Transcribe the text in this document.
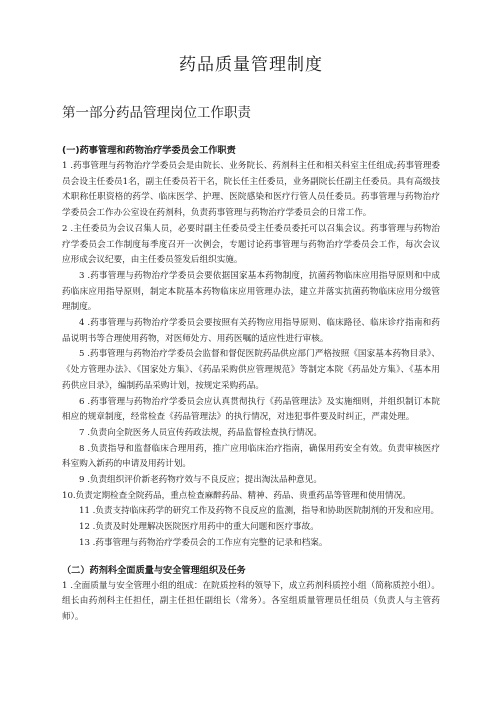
药品质量管理制度
第一部分药品管理岗位工作职责
(一)药事管理和药物治疗学委员会工作职责

1 .药事管理与药物治疗学委员会是由院长、业务院长、药剂科主任和相关科室主任组成;药事管理委员会设主任委员1名，副主任委员若干名，院长任主任委员，业务副院长任副主任委员。具有高级技术职称任职资格的药学、临床医学、护理、医院感染和医疗行管人员任委员。药事管理与药物治疗学委员会工作办公室设在药剂科，负责药事管理与药物治疗学委员会的日常工作。

2 .主任委员为会议召集人员，必要时副主任委员受主任委员委托可以召集会议。药事管理与药物治疗学委员会工作制度每季度召开一次例会，专题讨论药事管理与药物治疗学委员会工作，每次会议应形成会议纪要，由主任委员签发后组织实施。

3 .药事管理与药物治疗学委员会要依据国家基本药物制度，抗菌药物临床应用指导原则和中成药临床应用指导原则，制定本院基本药物临床应用管理办法，建立并落实抗菌药物临床应用分级管理制度。

4 .药事管理与药物治疗学委员会要按照有关药物应用指导原则、临床路径、临床诊疗指南和药品说明书等合理使用药物，对医师处方、用药医嘱的适应性进行审核。

5 .药事管理与药物治疗学委员会监督和督促医院药品供应部门严格按照《国家基本药物目录》、《处方管理办法》、《国家处方集》、《药品采购供应管理规范》等制定本院《药品处方集》、《基本用药供应目录》，编制药品采购计划，按规定采购药品。

6 .药事管理与药物治疗学委员会应认真贯彻执行《药品管理法》及实施细则，并组织制订本院相应的规章制度，经常检查《药品管理法》的执行情况，对违犯事件要及时纠正，严肃处理。

7 .负责向全院医务人员宣传药政法规，药品监督检查执行情况。

8 .负责指导和监督临床合理用药，推广应用临床治疗指南，确保用药安全有效。负责审核医疗科室购入新药的申请及用药计划。

9 .负责组织评价新老药物疗效与不良反应；提出淘汰品种意见。

10.负责定期检查全院药品，重点检查麻醉药品、精神、药品、贵重药品等管理和使用情况。

11 .负责支持临床药学的研究工作及药物不良反应的监测，指导和协助医院制剂的开发和应用。

12 .负责及时处理解决医院医疗用药中的重大问题和医疗事故。

13 .药事管理与药物治疗学委员会的工作应有完整的记录和档案。

（二）药剂科全面质量与安全管理组织及任务

1 .全面质量与安全管理小组的组成：在院质控科的领导下，成立药剂科质控小组（简称质控小组）。组长由药剂科主任担任，副主任担任副组长（常务）。各室组质量管理员任组员（负责人与主管药师）。
